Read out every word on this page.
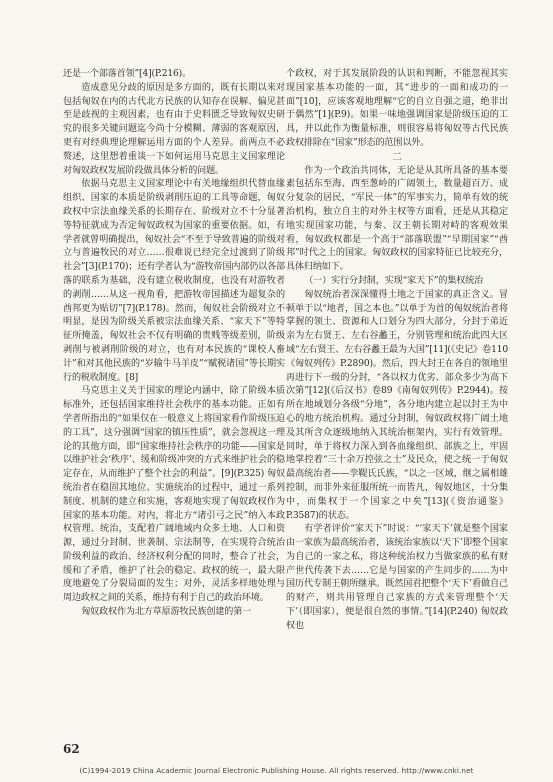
还是一个部落首领”[4](P.216)。

造成意见分歧的原因是多方面的，既有长期以来对包括匈奴在内的古代北方民族的认知存在误解、偏见甚至是歧视的主观因素，也有由于史料匮乏导致匈奴史研究的很多关键问题迄今尚十分模糊、薄弱的客观原因，更有对经典理论理解运用方面的个人差异。前两点不必赘述，这里想着重谈一下如何运用马克思主义国家理论对匈奴政权发展阶段做具体分析的问题。

依据马克思主义国家理论中有关地缘组织代替血缘组织、国家的本质是阶级剥削压迫的工具等命题，匈奴政权中宗法血缘关系的长期存在、阶级对立不十分显著等特征就成为否定匈奴政权为国家的重要依据。如，有学者就曾明确提出，匈奴社会“不至于导致普遍的阶级对立与普遍牧民的对立……很难说已经完全过渡到了阶级社会”[3](P.170)；还有学者认为“游牧帝国内部仍以各部落的联系为基础，没有建立税收制度，也没有对游牧者的剥削……从这一视角看，把游牧帝国描述为超复杂的酋邦更为贴切”[7](P.178)。然而，匈奴社会阶级对立不明显，是因为阶级关系被宗法血缘关系、“家天下”等特征所掩盖，匈奴社会不仅有明确的贵贱等级差别，阶级剥削与被剥削阶级的对立，也有对本民族的“课校人畜计”和对其他民族的“岁输牛马羊皮”“赋税诸国”等长期实行的税收制度。[8]

马克思主义关于国家的理论内涵中，除了阶级本质标准外，还包括国家维持社会秩序的基本功能。正如有学者所指出的“如果仅在一般意义上将国家看作阶级压迫的工具”，这分强调“国家的镇压性质”，就会忽视这一理论的其他方面，即“国家维持社会秩序的功能——国家是以维护社会‘秩序’、缓和阶级冲突的方式来维护社会的稳定存在，从而维护了整个社会的利益”。[9](P.325) 匈奴统治者在稳固其地位、实施统治的过程中，通过一系列制度、机制的建立和实施，客观地实现了匈奴政权作为国家的基本功能。对内，将北方“诸引弓之民”纳入本政权管理、统治，支配着广阔地域内众多土地、人口和资源，通过分封制、世袭制、宗法制等，在实现符合统治阶级利益的政治、经济权利分配的同时，整合了社会，缓和了矛盾，维护了社会的稳定、政权的统一，最大限度地避免了分裂局面的发生；对外，灵活多样地处理与周边政权之间的关系，维持有利于自己的政治环境。

匈奴政权作为北方草原游牧民族创建的第一

个政权，对于其发展阶段的认识和判断，不能忽视其实现国家基本功能的一面，其“进步的一面和成功的一面”[10]，应该客观地理解“它的自立自强之道，绝非出于偶然”[1](P.9)。如果一味地强调国家是阶级压迫的工具，并以此作为衡量标准，则很容易将匈奴等古代民族政权排除在“国家”形态的范围以外。

二

作为一个政治共同体，无论是从其所具备的基本要素包括东至海、西至葱岭的广阔领土，数量超百万、成分复杂的居民，“军民一体”的军事实力，简单有效的统治机构，独立自主的对外主权等方面看，还是从其稳定地实现国家功能，与秦、汉王朝长期对峙的客观效果看，匈奴政权都是一个高于“部落联盟”“早期国家”“酋邦”时代之上的国家。匈奴政权的国家特征已比较充分，具体归纳如下。

（一）实行分封制，实现“家天下”的集权统治

匈奴统治者深深懂得土地之于国家的真正含义。冒顿单于以“地者，国之本也。”以单于为首的匈奴统治者将掌握的领土、资源和人口划分为四大部分，分封于弟近亲为左右贤王、左右谷蠡王，分别管理和统治此四大区域“左右贤王、左右谷蠡王最为大国”[11](《史记》卷110《匈奴列传》P.2890)。然后，四大封王在各自的领地里再进行下一级的分封，“各以权力优劣、部众多少为高下次第”[12](《后汉书》卷89《南匈奴列传》P.2944)。按所在地域划分各级“分地”，各分地内建立起以封王为中心的地方统治机构。通过分封制，匈奴政权将广阔土地及其所含众逐级地纳入其统治框架内，实行有效管理。同时，单于将权力深入到各血缘组织、部族之上，牢固地掌控着“三十余万控弦之士”及民众，使之统一于匈奴最高统治者——孪鞮氏氏族，“以之一区域，继之属相雄控制，而非外来征服所统一而皆凡，匈奴地区，十分集中，而集权于一个国家之中矣”[13](《资治通鉴》P.3587)的状态。

有学者评价“家天下”时说：“‘家天下’就是整个国家由一家族为最高统治者，该统治家族以‘天下’即整个国家为自己的一家之私，将这种统治权力当做家族的私有财产世代传袭下去……它是与国家的产生同步的……为中国历代专制王朝所继承。既然国君把整个‘天下’看做自己的财产，则共用管理自己家族的方式来管理整个‘天下’（即国家），便是很自然的事情。”[14](P.240) 匈奴政权也

62
(C)1994-2019 China Academic Journal Electronic Publishing House. All rights reserved. http://www.cnki.net
